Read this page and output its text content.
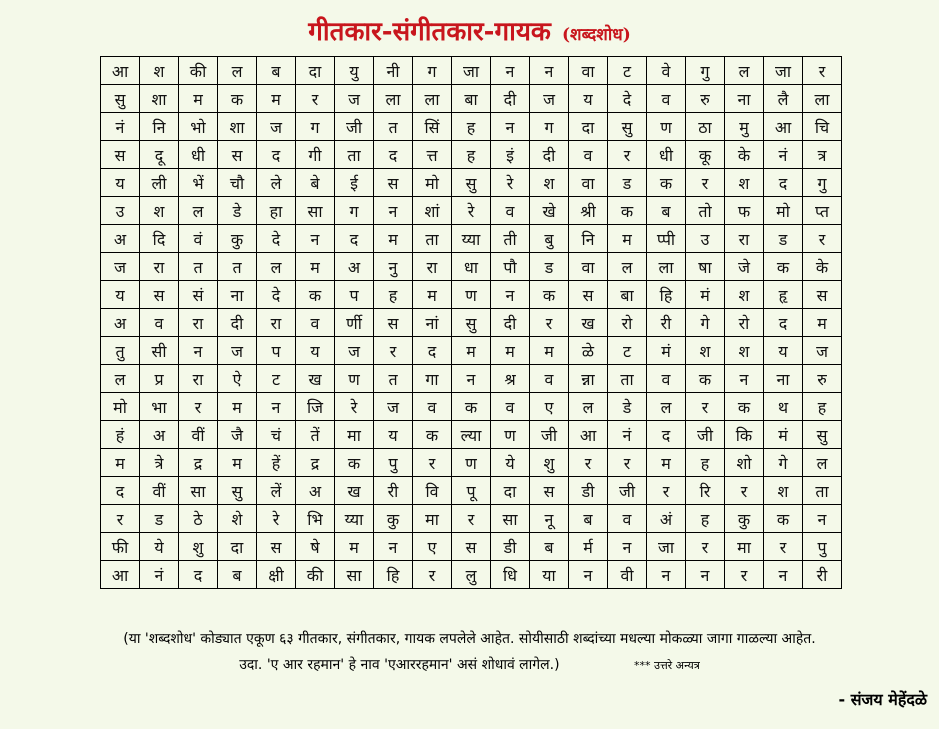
गीतकार-संगीतकार-गायक (शब्दशोध)
आ	श	की	ल	ब	दा	यु	नी	ग	जा	न	न	वा	ट	वे	गु	ल	जा	र
सु	शा	म	क	म	र	ज	ला	ला	बा	दी	ज	य	दे	व	रु	ना	लै	ला
नं	नि	भो	शा	ज	ग	जी	त	सिं	ह	न	ग	दा	सु	ण	ठा	मु	आ	चि
स	दू	धी	स	द	गी	ता	द	त्त	ह	इं	दी	व	र	धी	कू	के	नं	त्र
य	ली	भें	चौ	ले	बे	ई	स	मो	सु	रे	श	वा	ड	क	र	श	द	गु
उ	श	ल	डे	हा	सा	ग	न	शां	रे	व	खे	श्री	क	ब	तो	फ	मो	प्त
अ	दि	वं	कु	दे	न	द	म	ता	य्या	ती	बु	नि	म	प्पी	उ	रा	ड	र
ज	रा	त	त	ल	म	अ	नु	रा	धा	पौ	ड	वा	ल	ला	षा	जे	क	के
य	स	सं	ना	दे	क	प	ह	म	ण	न	क	स	बा	हि	मं	श	हृ	स
अ	व	रा	दी	रा	व	र्णी	स	नां	सु	दी	र	ख	रो	री	गे	रो	द	म
तु	सी	न	ज	प	य	ज	र	द	म	म	म	ळे	ट	मं	श	श	य	ज
ल	प्र	रा	ऐ	ट	ख	ण	त	गा	न	श्र	व	न्ना	ता	व	क	न	ना	रु
मो	भा	र	म	न	जि	रे	ज	व	क	व	ए	ल	डे	ल	र	क	थ	ह
हं	अ	वीं	जै	चं	तें	मा	य	क	ल्या	ण	जी	आ	नं	द	जी	कि	मं	सु
म	त्रे	द्र	म	हें	द्र	क	पु	र	ण	ये	शु	र	र	म	ह	शो	गे	ल
द	वीं	सा	सु	लें	अ	ख	री	वि	पू	दा	स	डी	जी	र	रि	र	श	ता
र	ड	ठे	शे	रे	भि	य्या	कु	मा	र	सा	नू	ब	व	अं	ह	कु	क	न
फी	ये	शु	दा	स	षे	म	न	ए	स	डी	ब	र्म	न	जा	र	मा	र	पु
आ	नं	द	ब	क्षी	की	सा	हि	र	लु	धि	या	न	वी	न	न	र	न	री
(या 'शब्दशोध' कोड्यात एकूण ६३ गीतकार, संगीतकार, गायक लपलेले आहेत. सोयीसाठी शब्दांच्या मधल्या मोकळ्या जागा गाळल्या आहेत.
उदा. 'ए आर रहमान' हे नाव 'एआररहमान' असं शोधावं लागेल.)	*** उत्तरे अन्यत्र
- संजय मेहेंदळे
